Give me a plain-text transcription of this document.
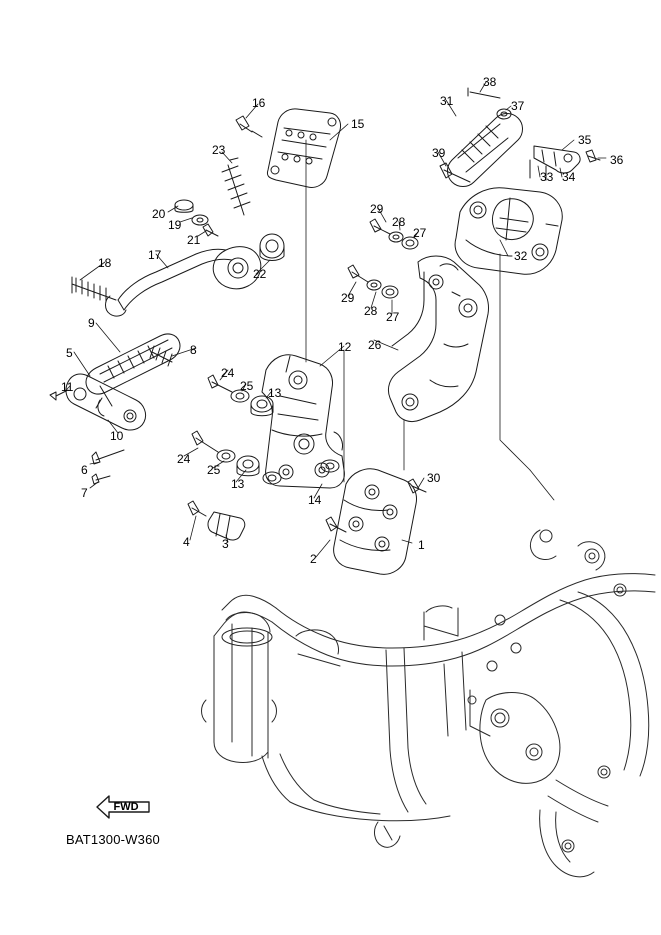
38
31	37
16
15
35
36
39
23
33 34
20
19
29
28
27
21
17
22
18
29
28 27
32
26
9
12
8
5
24
25 13
11
10
24
25
13
6
7
30
14
4	3
2
1
FWD
BAT1300-W360
